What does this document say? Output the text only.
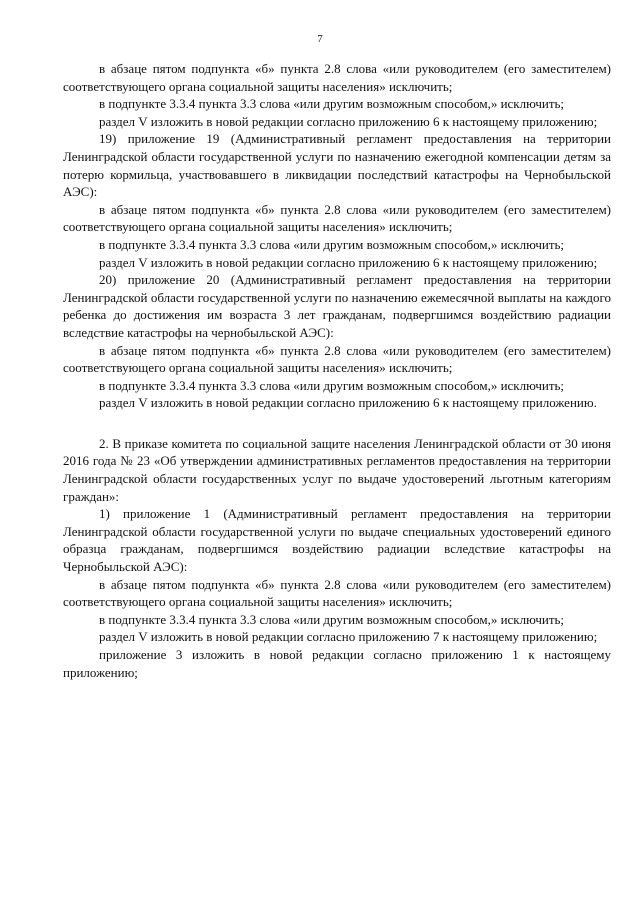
7

в абзаце пятом подпункта «б» пункта 2.8 слова «или руководителем (его заместителем) соответствующего органа социальной защиты населения» исключить;

в подпункте 3.3.4 пункта 3.3 слова «или другим возможным способом,» исключить;

раздел V изложить в новой редакции согласно приложению 6 к настоящему приложению;

19) приложение 19 (Административный регламент предоставления на территории Ленинградской области государственной услуги по назначению ежегодной компенсации детям за потерю кормильца, участвовавшего в ликвидации последствий катастрофы на Чернобыльской АЭС):

в абзаце пятом подпункта «б» пункта 2.8 слова «или руководителем (его заместителем) соответствующего органа социальной защиты населения» исключить;

в подпункте 3.3.4 пункта 3.3 слова «или другим возможным способом,» исключить;

раздел V изложить в новой редакции согласно приложению 6 к настоящему приложению;

20) приложение 20 (Административный регламент предоставления на территории Ленинградской области государственной услуги по назначению ежемесячной выплаты на каждого ребенка до достижения им возраста 3 лет гражданам, подвергшимся воздействию радиации вследствие катастрофы на чернобыльской АЭС):

в абзаце пятом подпункта «б» пункта 2.8 слова «или руководителем (его заместителем) соответствующего органа социальной защиты населения» исключить;

в подпункте 3.3.4 пункта 3.3 слова «или другим возможным способом,» исключить;

раздел V изложить в новой редакции согласно приложению 6 к настоящему приложению.

2. В приказе комитета по социальной защите населения Ленинградской области от 30 июня 2016 года № 23 «Об утверждении административных регламентов предоставления на территории Ленинградской области государственных услуг по выдаче удостоверений льготным категориям граждан»:

1) приложение 1 (Административный регламент предоставления на территории Ленинградской области государственной услуги по выдаче специальных удостоверений единого образца гражданам, подвергшимся воздействию радиации вследствие катастрофы на Чернобыльской АЭС):

в абзаце пятом подпункта «б» пункта 2.8 слова «или руководителем (его заместителем) соответствующего органа социальной защиты населения» исключить;

в подпункте 3.3.4 пункта 3.3 слова «или другим возможным способом,» исключить;

раздел V изложить в новой редакции согласно приложению 7 к настоящему приложению;

приложение 3 изложить в новой редакции согласно приложению 1 к настоящему приложению;
